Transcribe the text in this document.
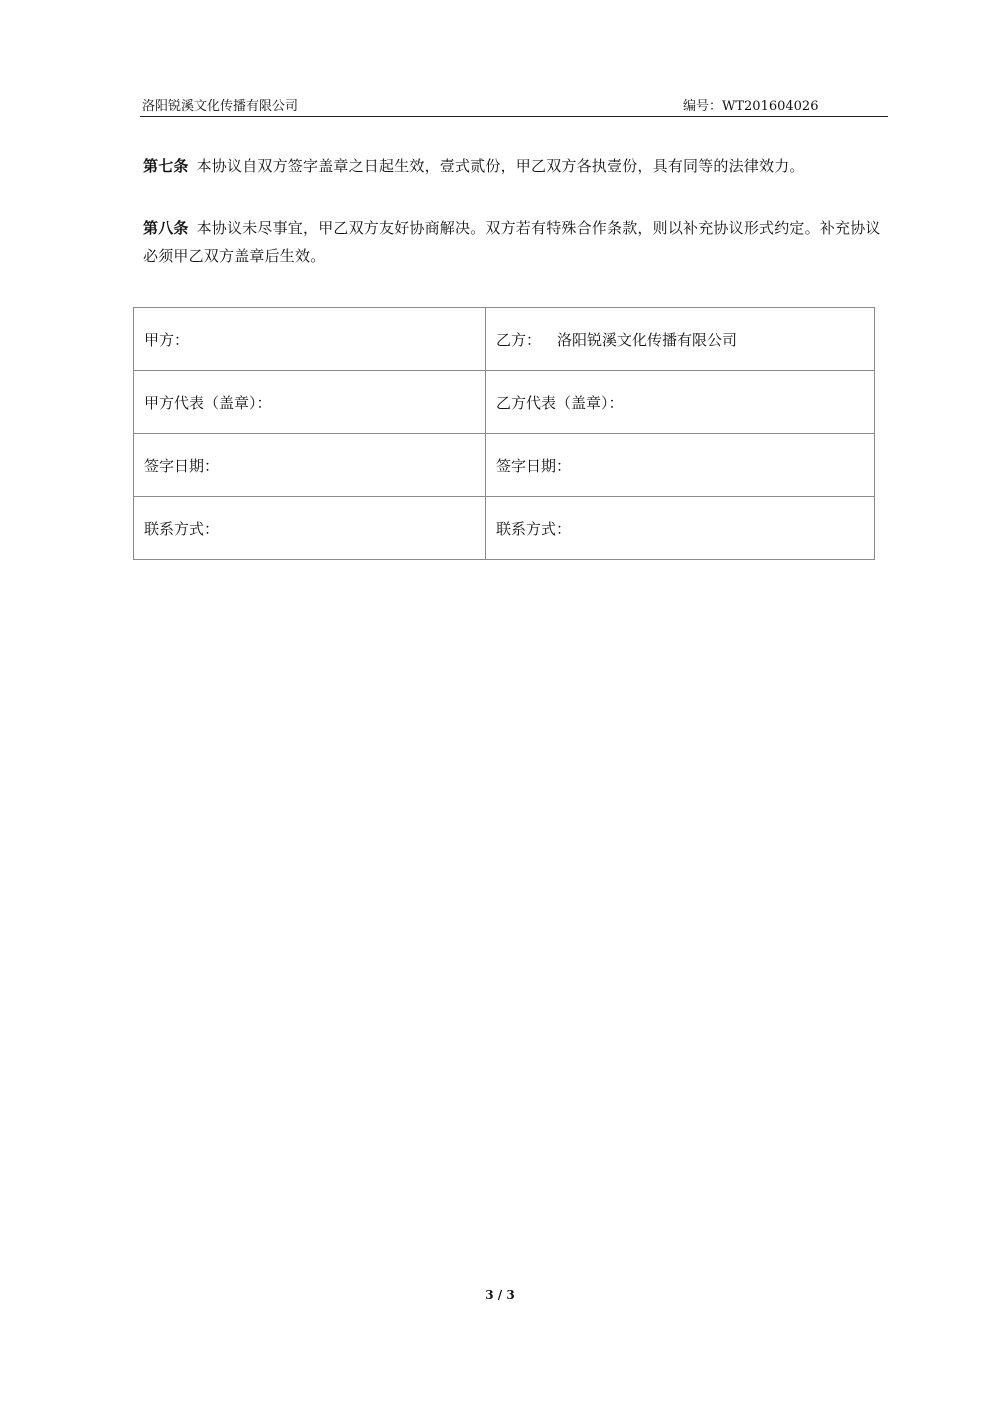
洛阳锐溪文化传播有限公司	编号：WT201604026
第七条 本协议自双方签字盖章之日起生效，壹式贰份，甲乙双方各执壹份，具有同等的法律效力。
第八条 本协议未尽事宜，甲乙双方友好协商解决。双方若有特殊合作条款，则以补充协议形式约定。补充协议必须甲乙双方盖章后生效。
甲方：	乙方： 洛阳锐溪文化传播有限公司
甲方代表（盖章）：	乙方代表（盖章）：
签字日期：	签字日期：
联系方式：	联系方式：
3 / 3
